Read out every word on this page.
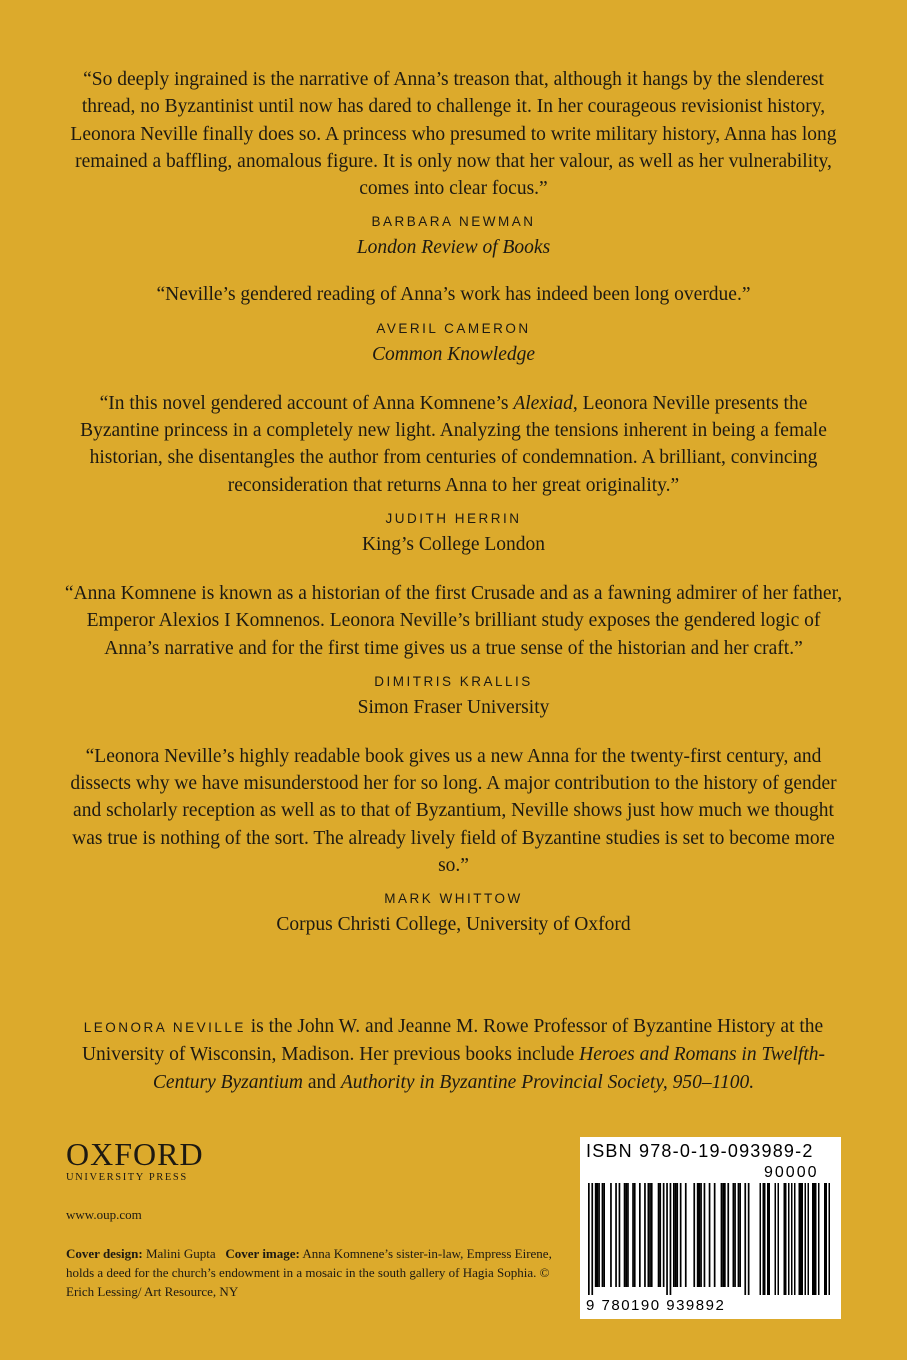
“So deeply ingrained is the narrative of Anna’s treason that, although it hangs by the slenderest thread, no Byzantinist until now has dared to challenge it. In her courageous revisionist history, Leonora Neville finally does so. A princess who presumed to write military history, Anna has long remained a baffling, anomalous figure. It is only now that her valour, as well as her vulnerability, comes into clear focus.”

BARBARA NEWMAN
London Review of Books

“Neville’s gendered reading of Anna’s work has indeed been long overdue.”

AVERIL CAMERON
Common Knowledge

“In this novel gendered account of Anna Komnene’s Alexiad, Leonora Neville presents the Byzantine princess in a completely new light. Analyzing the tensions inherent in being a female historian, she disentangles the author from centuries of condemnation. A brilliant, convincing reconsideration that returns Anna to her great originality.”

JUDITH HERRIN
King’s College London

“Anna Komnene is known as a historian of the first Crusade and as a fawning admirer of her father, Emperor Alexios I Komnenos. Leonora Neville’s brilliant study exposes the gendered logic of Anna’s narrative and for the first time gives us a true sense of the historian and her craft.”

DIMITRIS KRALLIS
Simon Fraser University

“Leonora Neville’s highly readable book gives us a new Anna for the twenty-first century, and dissects why we have misunderstood her for so long. A major contribution to the history of gender and scholarly reception as well as to that of Byzantium, Neville shows just how much we thought was true is nothing of the sort. The already lively field of Byzantine studies is set to become more so.”

MARK WHITTOW
Corpus Christi College, University of Oxford
LEONORA NEVILLE is the John W. and Jeanne M. Rowe Professor of Byzantine History at the University of Wisconsin, Madison. Her previous books include Heroes and Romans in Twelfth-Century Byzantium and Authority in Byzantine Provincial Society, 950–1100.
OXFORD
UNIVERSITY PRESS
www.oup.com
Cover design: Malini Gupta Cover image: Anna Komnene’s sister-in-law, Empress Eirene, holds a deed for the church’s endowment in a mosaic in the south gallery of Hagia Sophia. © Erich Lessing/ Art Resource, NY
ISBN 978-0-19-093989-2
90000
9 780190 939892
